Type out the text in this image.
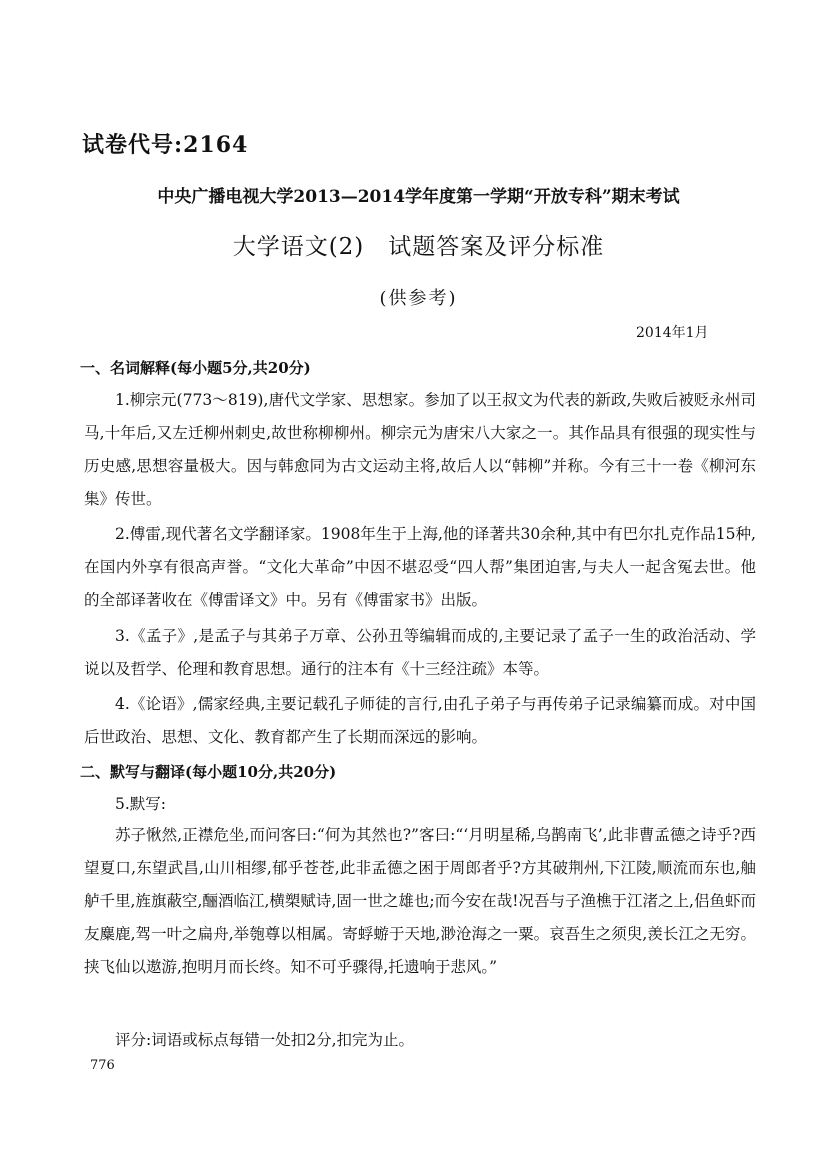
试卷代号:2164
中央广播电视大学2013—2014学年度第一学期“开放专科”期末考试
大学语文(2)　试题答案及评分标准
(供参考)
2014年1月
一、名词解释(每小题5分,共20分)
1.柳宗元(773～819),唐代文学家、思想家。参加了以王叔文为代表的新政,失败后被贬永州司马,十年后,又左迁柳州刺史,故世称柳柳州。柳宗元为唐宋八大家之一。其作品具有很强的现实性与历史感,思想容量极大。因与韩愈同为古文运动主将,故后人以“韩柳”并称。今有三十一卷《柳河东集》传世。
2.傅雷,现代著名文学翻译家。1908年生于上海,他的译著共30余种,其中有巴尔扎克作品15种,在国内外享有很高声誉。“文化大革命”中因不堪忍受“四人帮”集团迫害,与夫人一起含冤去世。他的全部译著收在《傅雷译文》中。另有《傅雷家书》出版。
3.《孟子》,是孟子与其弟子万章、公孙丑等编辑而成的,主要记录了孟子一生的政治活动、学说以及哲学、伦理和教育思想。通行的注本有《十三经注疏》本等。
4.《论语》,儒家经典,主要记载孔子师徒的言行,由孔子弟子与再传弟子记录编纂而成。对中国后世政治、思想、文化、教育都产生了长期而深远的影响。
二、默写与翻译(每小题10分,共20分)
5.默写:
苏子愀然,正襟危坐,而问客曰:“何为其然也?”客曰:“‘月明星稀,乌鹊南飞’,此非曹孟德之诗乎?西望夏口,东望武昌,山川相缪,郁乎苍苍,此非孟德之困于周郎者乎?方其破荆州,下江陵,顺流而东也,舳舻千里,旌旗蔽空,酾酒临江,横槊赋诗,固一世之雄也;而今安在哉!况吾与子渔樵于江渚之上,侣鱼虾而友麋鹿,驾一叶之扁舟,举匏尊以相属。寄蜉蝣于天地,渺沧海之一粟。哀吾生之须臾,羡长江之无穷。挟飞仙以遨游,抱明月而长终。知不可乎骤得,托遗响于悲风。”
评分:词语或标点每错一处扣2分,扣完为止。
776
